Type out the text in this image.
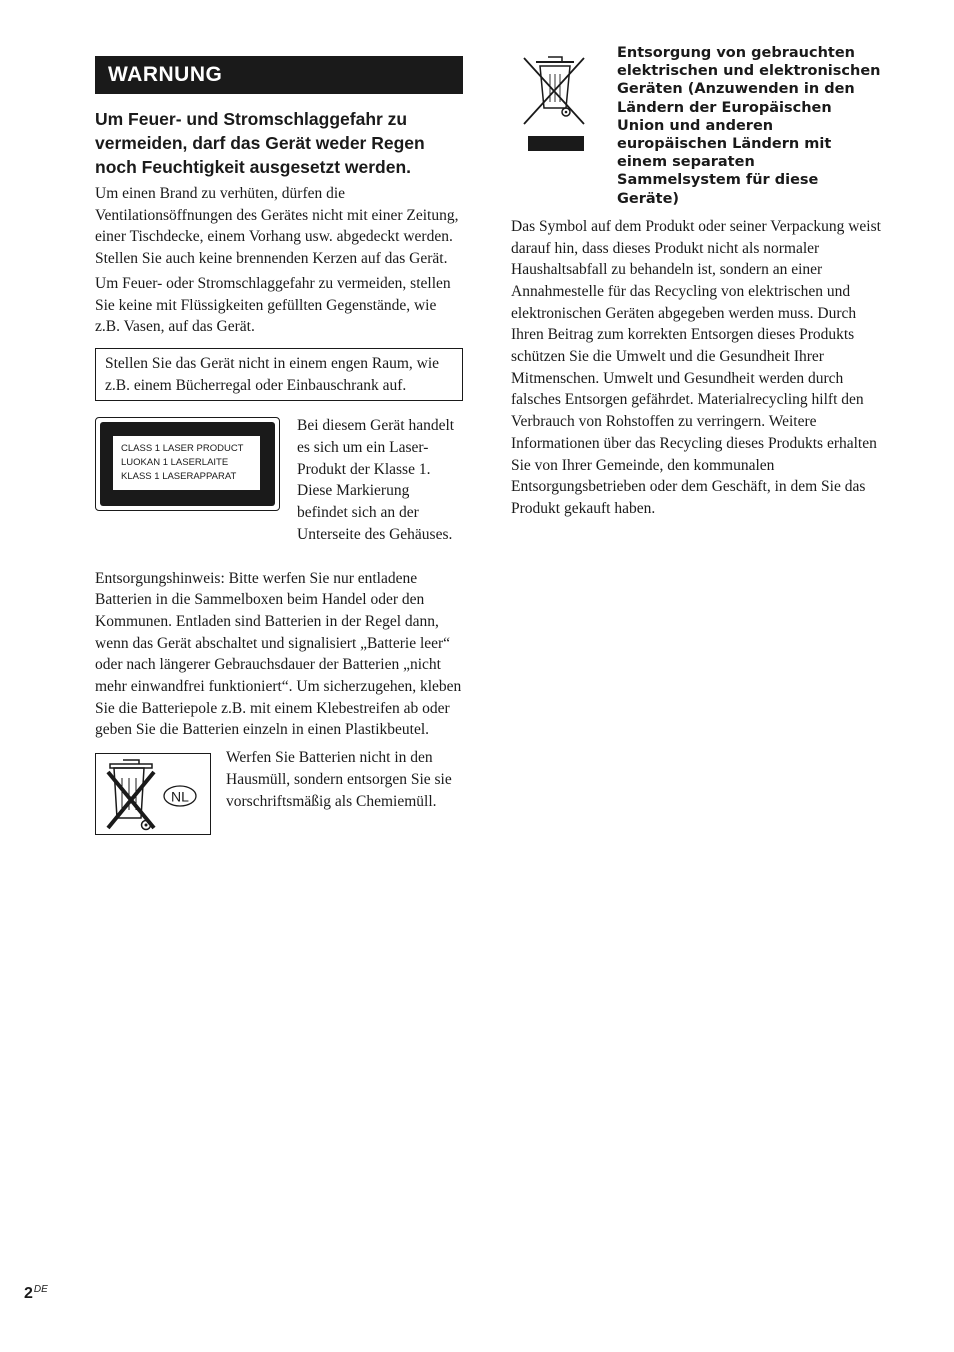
WARNUNG
Um Feuer- und Stromschlaggefahr zu vermeiden, darf das Gerät weder Regen noch Feuchtigkeit ausgesetzt werden.

Um einen Brand zu verhüten, dürfen die Ventilationsöffnungen des Gerätes nicht mit einer Zeitung, einer Tischdecke, einem Vorhang usw. abgedeckt werden. Stellen Sie auch keine brennenden Kerzen auf das Gerät.

Um Feuer- oder Stromschlaggefahr zu vermeiden, stellen Sie keine mit Flüssigkeiten gefüllten Gegenstände, wie z.B. Vasen, auf das Gerät.

Stellen Sie das Gerät nicht in einem engen Raum, wie z.B. einem Bücherregal oder Einbauschrank auf.
CLASS 1 LASER PRODUCT
LUOKAN 1 LASERLAITE
KLASS 1 LASERAPPARAT
Bei diesem Gerät handelt es sich um ein Laser-Produkt der Klasse 1. Diese Markierung befindet sich an der Unterseite des Gehäuses.

Entsorgungshinweis: Bitte werfen Sie nur entladene Batterien in die Sammelboxen beim Handel oder den Kommunen. Entladen sind Batterien in der Regel dann, wenn das Gerät abschaltet und signalisiert „Batterie leer“ oder nach längerer Gebrauchsdauer der Batterien „nicht mehr einwandfrei funktioniert“. Um sicherzugehen, kleben Sie die Batteriepole z.B. mit einem Klebestreifen ab oder geben Sie die Batterien einzeln in einen Plastikbeutel.

NL
Werfen Sie Batterien nicht in den Hausmüll, sondern entsorgen Sie sie vorschriftsmäßig als Chemiemüll.
Entsorgung von gebrauchten elektrischen und elektronischen Geräten (Anzuwenden in den Ländern der Europäischen Union und anderen europäischen Ländern mit einem separaten Sammelsystem für diese Geräte)

Das Symbol auf dem Produkt oder seiner Verpackung weist darauf hin, dass dieses Produkt nicht als normaler Haushaltsabfall zu behandeln ist, sondern an einer Annahmestelle für das Recycling von elektrischen und elektronischen Geräten abgegeben werden muss. Durch Ihren Beitrag zum korrekten Entsorgen dieses Produkts schützen Sie die Umwelt und die Gesundheit Ihrer Mitmenschen. Umwelt und Gesundheit werden durch falsches Entsorgen gefährdet. Materialrecycling hilft den Verbrauch von Rohstoffen zu verringern. Weitere Informationen über das Recycling dieses Produkts erhalten Sie von Ihrer Gemeinde, den kommunalen Entsorgungsbetrieben oder dem Geschäft, in dem Sie das Produkt gekauft haben.

2DE
